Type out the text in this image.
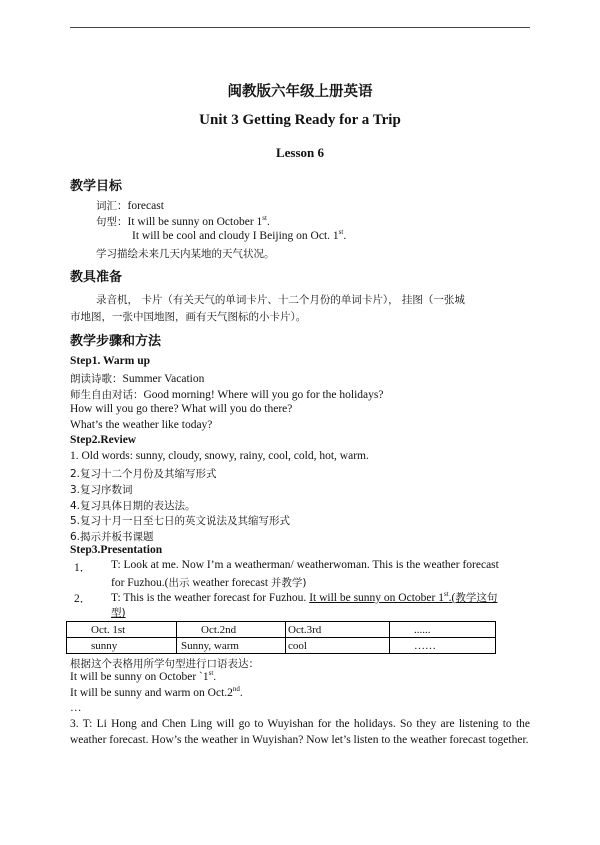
闽教版六年级上册英语
Unit 3 Getting Ready for a Trip
Lesson 6
教学目标
词汇：forecast
句型：It will be sunny on October 1st.
It will be cool and cloudy I Beijing on Oct. 1st.
学习描绘未来几天内某地的天气状况。
教具准备
录音机， 卡片（有关天气的单词卡片、十二个月份的单词卡片）， 挂图（一张城
市地图，一张中国地图，画有天气图标的小卡片）。
教学步骤和方法
Step1. Warm up
朗读诗歌：Summer Vacation
师生自由对话：Good morning! Where will you go for the holidays?
How will you go there? What will you do there?
What’s the weather like today?
Step2.Review
1. Old words: sunny, cloudy, snowy, rainy, cool, cold, hot, warm.
2.复习十二个月份及其缩写形式
3.复习序数词
4.复习具体日期的表达法。
5.复习十月一日至七日的英文说法及其缩写形式
6.揭示并板书课题
Step3.Presentation
1． T: Look at me. Now I’m a weatherman/ weatherwoman. This is the weather forecast
for Fuzhou.(出示 weather forecast 并教学)
2． T: This is the weather forecast for Fuzhou. It will be sunny on October 1st.(教学这句
型)
Oct. 1st	Oct.2nd	Oct.3rd	......
sunny	Sunny, warm	cool	……
根据这个表格用所学句型进行口语表达：
It will be sunny on October `1st.
It will be sunny and warm on Oct.2nd.
…
3. T: Li Hong and Chen Ling will go to Wuyishan for the holidays. So they are listening to the weather forecast. How’s the weather in Wuyishan? Now let’s listen to the weather forecast together.
